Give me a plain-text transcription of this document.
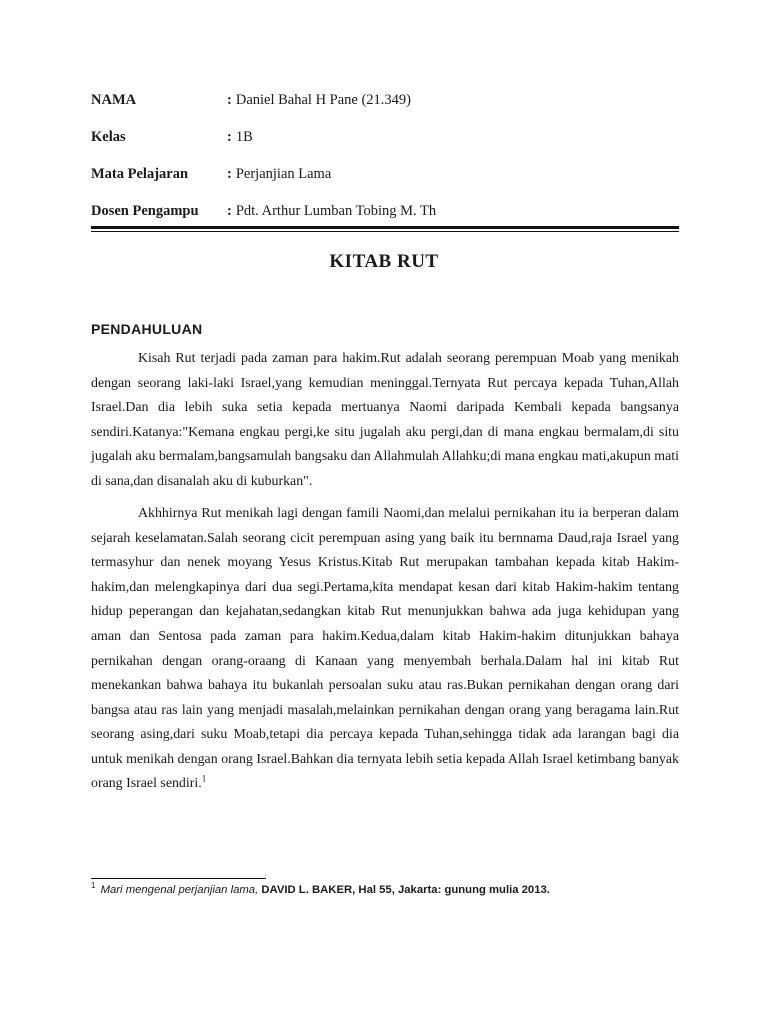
NAMA	: Daniel Bahal H Pane (21.349)
Kelas	: 1B
Mata Pelajaran	: Perjanjian Lama
Dosen Pengampu : Pdt. Arthur Lumban Tobing M. Th
KITAB RUT
PENDAHULUAN

Kisah Rut terjadi pada zaman para hakim.Rut adalah seorang perempuan Moab yang menikah dengan seorang laki-laki Israel,yang kemudian meninggal.Ternyata Rut percaya kepada Tuhan,Allah Israel.Dan dia lebih suka setia kepada mertuanya Naomi daripada Kembali kepada bangsanya sendiri.Katanya:"Kemana engkau pergi,ke situ jugalah aku pergi,dan di mana engkau bermalam,di situ jugalah aku bermalam,bangsamulah bangsaku dan Allahmulah Allahku;di mana engkau mati,akupun mati di sana,dan disanalah aku di kuburkan".

Akhhirnya Rut menikah lagi dengan famili Naomi,dan melalui pernikahan itu ia berperan dalam sejarah keselamatan.Salah seorang cicit perempuan asing yang baik itu bernnama Daud,raja Israel yang termasyhur dan nenek moyang Yesus Kristus.Kitab Rut merupakan tambahan kepada kitab Hakim-hakim,dan melengkapinya dari dua segi.Pertama,kita mendapat kesan dari kitab Hakim-hakim tentang hidup peperangan dan kejahatan,sedangkan kitab Rut menunjukkan bahwa ada juga kehidupan yang aman dan Sentosa pada zaman para hakim.Kedua,dalam kitab Hakim-hakim ditunjukkan bahaya pernikahan dengan orang-oraang di Kanaan yang menyembah berhala.Dalam hal ini kitab Rut menekankan bahwa bahaya itu bukanlah persoalan suku atau ras.Bukan pernikahan dengan orang dari bangsa atau ras lain yang menjadi masalah,melainkan pernikahan dengan orang yang beragama lain.Rut seorang asing,dari suku Moab,tetapi dia percaya kepada Tuhan,sehingga tidak ada larangan bagi dia untuk menikah dengan orang Israel.Bahkan dia ternyata lebih setia kepada Allah Israel ketimbang banyak orang Israel sendiri.$^1$

$^1$ Mari mengenal perjanjian lama, DAVID L. BAKER, Hal 55, Jakarta: gunung mulia 2013.
